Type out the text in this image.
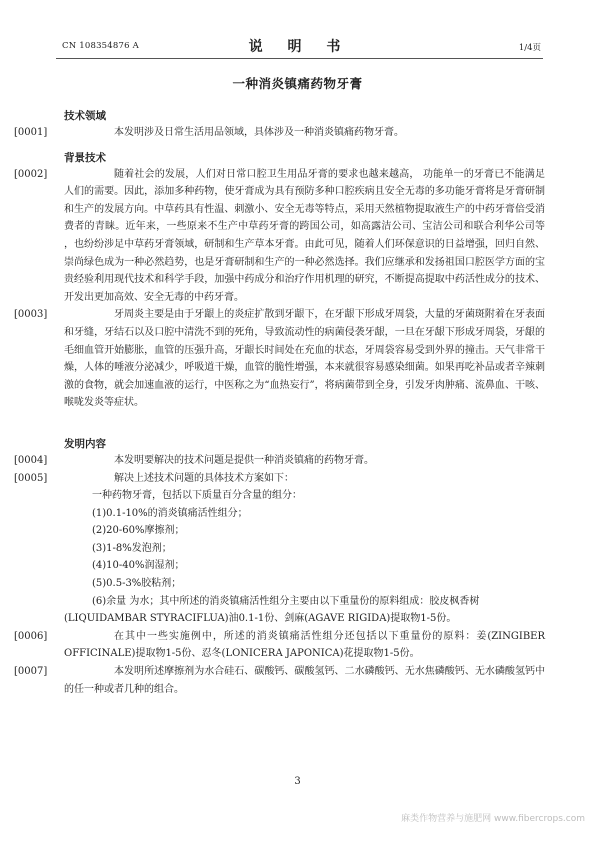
CN 108354876 A	说 明 书	1/4页
一种消炎镇痛药物牙膏
技术领域
[0001]	本发明涉及日常生活用品领域，具体涉及一种消炎镇痛药物牙膏。
背景技术
[0002]	随着社会的发展，人们对日常口腔卫生用品牙膏的要求也越来越高， 功能单一的牙膏已不能满足人们的需要。因此，添加多种药物，使牙膏成为具有预防多种口腔疾病且安全无毒的多功能牙膏将是牙膏研制和生产的发展方向。中草药具有性温、刺激小、安全无毒等特点，采用天然植物提取液生产的中药牙膏倍受消费者的青睐。近年来，一些原来不生产中草药牙膏的跨国公司，如高露洁公司、宝洁公司和联合利华公司等 ，也纷纷涉足中草药牙膏领域，研制和生产草本牙膏。由此可见，随着人们环保意识的日益增强，回归自然、崇尚绿色成为一种必然趋势，也是牙膏研制和生产的一种必然选择。我们应继承和发扬祖国口腔医学方面的宝贵经验利用现代技术和科学手段，加强中药成分和治疗作用机理的研究，不断提高提取中药活性成分的技术、开发出更加高效、安全无毒的中药牙膏。
[0003]	牙周炎主要是由于牙龈上的炎症扩散到牙龈下，在牙龈下形成牙周袋，大量的牙菌斑附着在牙表面和牙缝，牙结石以及口腔中清洗不到的死角，导致流动性的病菌侵袭牙龈，一旦在牙龈下形成牙周袋，牙龈的毛细血管开始膨胀，血管的压强升高，牙龈长时间处在充血的状态，牙周袋容易受到外界的撞击。天气非常干燥，人体的唾液分泌减少，呼吸道干燥，血管的脆性增强，本来就很容易感染细菌。如果再吃补品或者辛辣刺激的食物，就会加速血液的运行，中医称之为“血热妄行”，将病菌带到全身，引发牙肉肿痛、流鼻血、干咳、喉咙发炎等症状。
发明内容
[0004]	本发明要解决的技术问题是提供一种消炎镇痛的药物牙膏。
[0005]	解决上述技术问题的具体技术方案如下：
一种药物牙膏，包括以下质量百分含量的组分：
(1)0.1-10%的消炎镇痛活性组分；
(2)20-60%摩擦剂；
(3)1-8%发泡剂；
(4)10-40%润湿剂；
(5)0.5-3%胶粘剂；
(6)余量 为水；其中所述的消炎镇痛活性组分主要由以下重量份的原料组成：胶皮枫香树(LIQUIDAMBAR STYRACIFLUA)油0.1-1份、剑麻(AGAVE RIGIDA)提取物1-5份。
[0006]	在其中一些实施例中，所述的消炎镇痛活性组分还包括以下重量份的原料：姜(ZINGIBER OFFICINALE)提取物1-5份、忍冬(LONICERA JAPONICA)花提取物1-5份。
[0007]	本发明所述摩擦剂为水合硅石、碳酸钙、碳酸氢钙、二水磷酸钙、无水焦磷酸钙、无水磷酸氢钙中的任一种或者几种的组合。
3
麻类作物营养与施肥网 www.fibercrops.com
